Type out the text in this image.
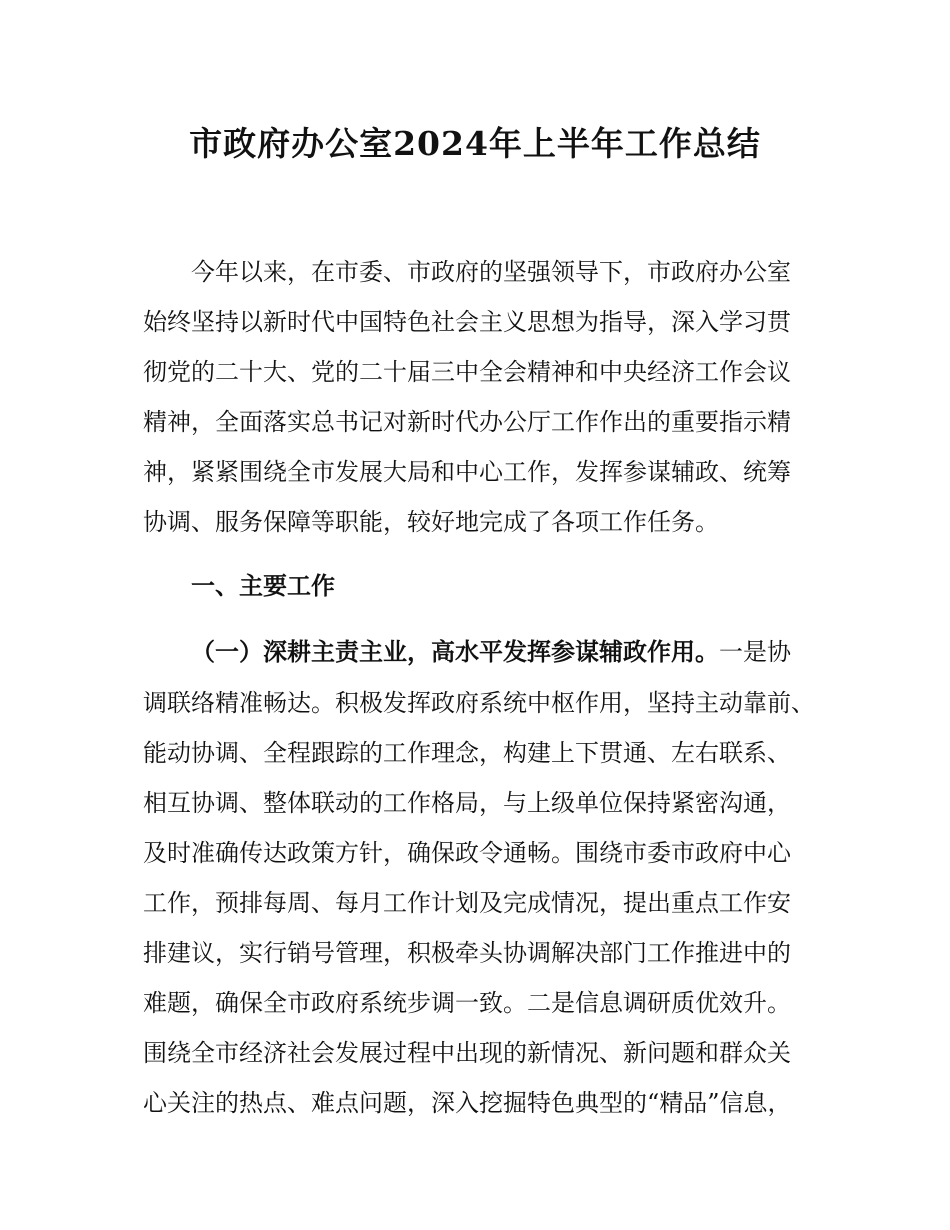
市政府办公室2024年上半年工作总结
今年以来，在市委、市政府的坚强领导下，市政府办公室
始终坚持以新时代中国特色社会主义思想为指导，深入学习贯
彻党的二十大、党的二十届三中全会精神和中央经济工作会议
精神，全面落实总书记对新时代办公厅工作作出的重要指示精
神，紧紧围绕全市发展大局和中心工作，发挥参谋辅政、统筹
协调、服务保障等职能，较好地完成了各项工作任务。
一、主要工作
（一）深耕主责主业，高水平发挥参谋辅政作用。一是协
调联络精准畅达。积极发挥政府系统中枢作用，坚持主动靠前、
能动协调、全程跟踪的工作理念，构建上下贯通、左右联系、
相互协调、整体联动的工作格局，与上级单位保持紧密沟通，
及时准确传达政策方针，确保政令通畅。围绕市委市政府中心
工作，预排每周、每月工作计划及完成情况，提出重点工作安
排建议，实行销号管理，积极牵头协调解决部门工作推进中的
难题，确保全市政府系统步调一致。二是信息调研质优效升。
围绕全市经济社会发展过程中出现的新情况、新问题和群众关
心关注的热点、难点问题，深入挖掘特色典型的“精品”信息，
